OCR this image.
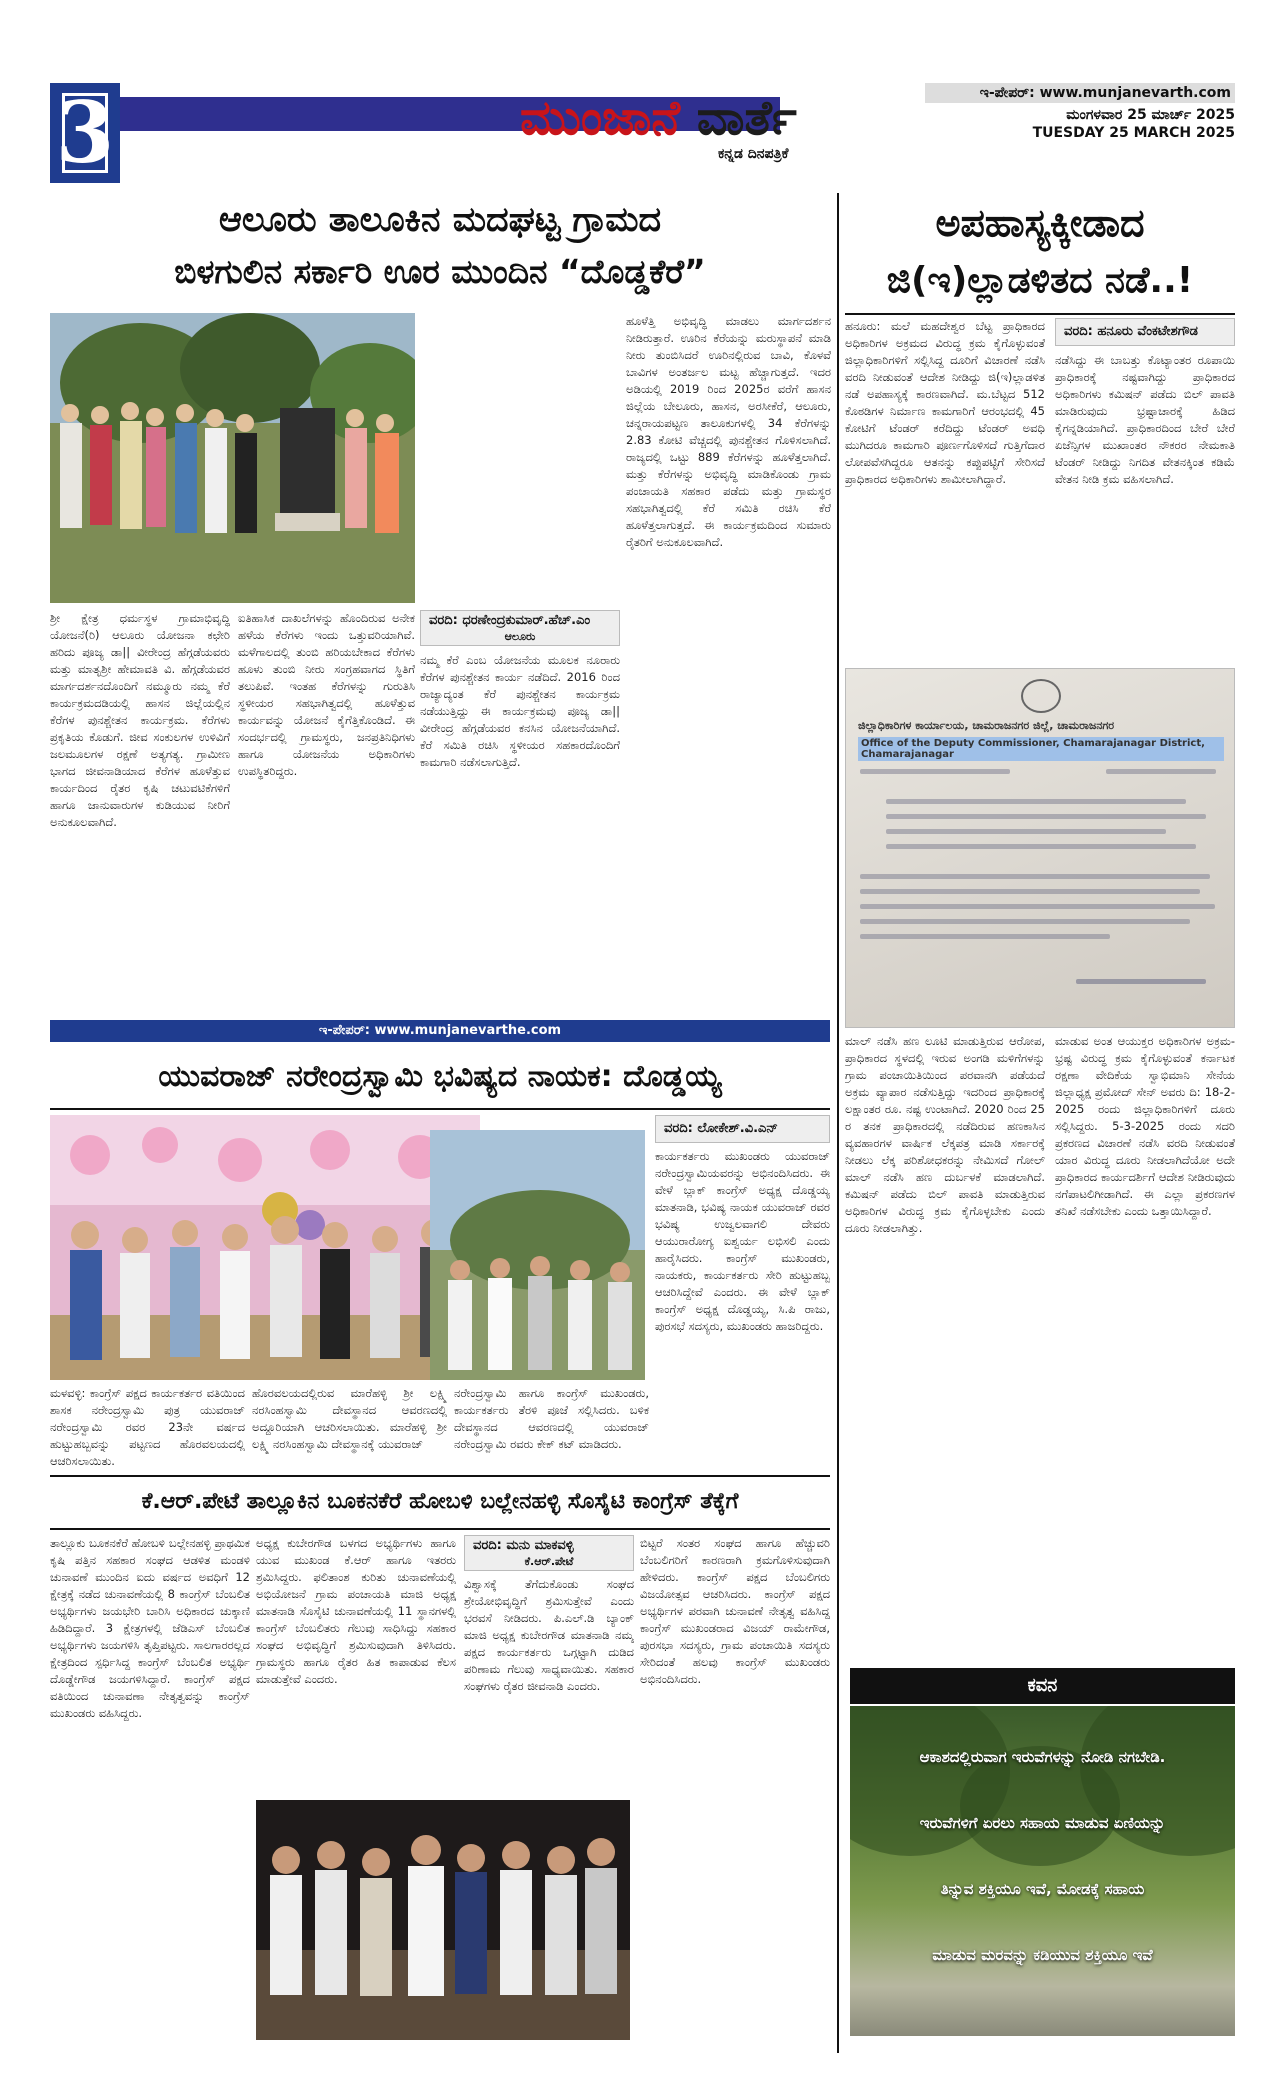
3	ಮುಂಜಾನೆ ವಾರ್ತೆ
ಕನ್ನಡ ದಿನಪತ್ರಿಕೆ
ಇ-ಪೇಪರ್: www.munjanevarth.com
ಮಂಗಳವಾರ 25 ಮಾರ್ಚ್ 2025
TUESDAY 25 MARCH 2025
ಆಲೂರು ತಾಲೂಕಿನ ಮದಘಟ್ಟ ಗ್ರಾಮದ
ಬಿಳಗುಲಿನ ಸರ್ಕಾರಿ ಊರ ಮುಂದಿನ “ದೊಡ್ಡಕೆರೆ”
ಶ್ರೀ ಕ್ಷೇತ್ರ ಧರ್ಮಸ್ಥಳ ಗ್ರಾಮಾಭಿವೃದ್ಧಿ ಯೋಜನೆ(ರಿ) ಆಲೂರು ಯೋಜನಾ ಕಛೇರಿ ಹರಿದು ಪೂಜ್ಯ ಡಾ|| ವೀರೇಂದ್ರ ಹೆಗ್ಗಡೆಯವರು ಮತ್ತು ಮಾತೃಶ್ರೀ ಹೇಮಾವತಿ ವಿ. ಹೆಗ್ಗಡೆಯವರ ಮಾರ್ಗದರ್ಶನದೊಂದಿಗೆ ನಮ್ಮೂರು ನಮ್ಮ ಕೆರೆ ಕಾರ್ಯಕ್ರಮದಡಿಯಲ್ಲಿ ಹಾಸನ ಜಿಲ್ಲೆಯಲ್ಲಿನ ಕೆರೆಗಳ ಪುನಶ್ಚೇತನ ಕಾರ್ಯಕ್ರಮ. ಕೆರೆಗಳು ಪ್ರಕೃತಿಯ ಕೊಡುಗೆ. ಜೀವ ಸಂಕುಲಗಳ ಉಳಿವಿಗೆ ಜಲಮೂಲಗಳ ರಕ್ಷಣೆ ಅತ್ಯಗತ್ಯ. ಗ್ರಾಮೀಣ ಭಾಗದ ಜೀವನಾಡಿಯಾದ ಕೆರೆಗಳ ಹೂಳೆತ್ತುವ ಕಾರ್ಯದಿಂದ ರೈತರ ಕೃಷಿ ಚಟುವಟಿಕೆಗಳಿಗೆ ಹಾಗೂ ಜಾನುವಾರುಗಳ ಕುಡಿಯುವ ನೀರಿಗೆ ಅನುಕೂಲವಾಗಿದೆ.
ಐತಿಹಾಸಿಕ ದಾಖಲೆಗಳನ್ನು ಹೊಂದಿರುವ ಅನೇಕ ಹಳೆಯ ಕೆರೆಗಳು ಇಂದು ಒತ್ತುವರಿಯಾಗಿವೆ. ಮಳೆಗಾಲದಲ್ಲಿ ತುಂಬಿ ಹರಿಯಬೇಕಾದ ಕೆರೆಗಳು ಹೂಳು ತುಂಬಿ ನೀರು ಸಂಗ್ರಹವಾಗದ ಸ್ಥಿತಿಗೆ ತಲುಪಿವೆ. ಇಂತಹ ಕೆರೆಗಳನ್ನು ಗುರುತಿಸಿ ಸ್ಥಳೀಯರ ಸಹಭಾಗಿತ್ವದಲ್ಲಿ ಹೂಳೆತ್ತುವ ಕಾರ್ಯವನ್ನು ಯೋಜನೆ ಕೈಗೆತ್ತಿಕೊಂಡಿದೆ. ಈ ಸಂದರ್ಭದಲ್ಲಿ ಗ್ರಾಮಸ್ಥರು, ಜನಪ್ರತಿನಿಧಿಗಳು ಹಾಗೂ ಯೋಜನೆಯ ಅಧಿಕಾರಿಗಳು ಉಪಸ್ಥಿತರಿದ್ದರು.
ವರದಿ: ಧರಣೇಂದ್ರಕುಮಾರ್.ಹೆಚ್.ಎಂ
ಆಲೂರು
ನಮ್ಮ ಕೆರೆ ಎಂಬ ಯೋಜನೆಯ ಮೂಲಕ ನೂರಾರು ಕೆರೆಗಳ ಪುನಶ್ಚೇತನ ಕಾರ್ಯ ನಡೆದಿದೆ. 2016 ರಿಂದ ರಾಜ್ಯಾದ್ಯಂತ ಕೆರೆ ಪುನಶ್ಚೇತನ ಕಾರ್ಯಕ್ರಮ ನಡೆಯುತ್ತಿದ್ದು ಈ ಕಾರ್ಯಕ್ರಮವು ಪೂಜ್ಯ ಡಾ|| ವೀರೇಂದ್ರ ಹೆಗ್ಗಡೆಯವರ ಕನಸಿನ ಯೋಜನೆಯಾಗಿದೆ. ಕೆರೆ ಸಮಿತಿ ರಚಿಸಿ ಸ್ಥಳೀಯರ ಸಹಕಾರದೊಂದಿಗೆ ಕಾಮಗಾರಿ ನಡೆಸಲಾಗುತ್ತಿದೆ.
ಹೂಳೆತ್ತಿ ಅಭಿವೃದ್ಧಿ ಮಾಡಲು ಮಾರ್ಗದರ್ಶನ ನೀಡಿರುತ್ತಾರೆ. ಊರಿನ ಕೆರೆಯನ್ನು ಮರುಸ್ಥಾಪನೆ ಮಾಡಿ ನೀರು ತುಂಬಿಸಿದರೆ ಊರಿನಲ್ಲಿರುವ ಬಾವಿ, ಕೊಳವೆ ಬಾವಿಗಳ ಅಂತರ್ಜಲ ಮಟ್ಟ ಹೆಚ್ಚಾಗುತ್ತದೆ. ಇದರ ಅಡಿಯಲ್ಲಿ 2019 ರಿಂದ 2025ರ ವರೆಗೆ ಹಾಸನ ಜಿಲ್ಲೆಯ ಬೇಲೂರು, ಹಾಸನ, ಅರಸೀಕೆರೆ, ಆಲೂರು, ಚನ್ನರಾಯಪಟ್ಟಣ ತಾಲೂಕುಗಳಲ್ಲಿ 34 ಕೆರೆಗಳನ್ನು 2.83 ಕೋಟಿ ವೆಚ್ಚದಲ್ಲಿ ಪುನಶ್ಚೇತನ ಗೊಳಿಸಲಾಗಿದೆ. ರಾಜ್ಯದಲ್ಲಿ ಒಟ್ಟು 889 ಕೆರೆಗಳನ್ನು ಹೂಳೆತ್ತಲಾಗಿದೆ. ಮತ್ತು ಕೆರೆಗಳನ್ನು ಅಭಿವೃದ್ಧಿ ಮಾಡಿಕೊಂಡು ಗ್ರಾಮ ಪಂಚಾಯತಿ ಸಹಕಾರ ಪಡೆದು ಮತ್ತು ಗ್ರಾಮಸ್ಥರ ಸಹಭಾಗಿತ್ವದಲ್ಲಿ ಕೆರೆ ಸಮಿತಿ ರಚಿಸಿ ಕೆರೆ ಹೂಳೆತ್ತಲಾಗುತ್ತದೆ. ಈ ಕಾರ್ಯಕ್ರಮದಿಂದ ಸುಮಾರು ರೈತರಿಗೆ ಅನುಕೂಲವಾಗಿದೆ.
ಇ-ಪೇಪರ್: www.munjanevarthe.com
ಯುವರಾಜ್ ನರೇಂದ್ರಸ್ವಾಮಿ ಭವಿಷ್ಯದ ನಾಯಕ: ದೊಡ್ಡಯ್ಯ
ವರದಿ: ಲೋಕೇಶ್.ವಿ.ಎನ್
ಕಾರ್ಯಕರ್ತರು ಮುಖಂಡರು ಯುವರಾಜ್ ನರೇಂದ್ರಸ್ವಾಮಿಯವರನ್ನು ಅಭಿನಂದಿಸಿದರು. ಈ ವೇಳೆ ಬ್ಲಾಕ್ ಕಾಂಗ್ರೆಸ್ ಅಧ್ಯಕ್ಷ ದೊಡ್ಡಯ್ಯ ಮಾತನಾಡಿ, ಭವಿಷ್ಯ ನಾಯಕ ಯುವರಾಜ್ ರವರ ಭವಿಷ್ಯ ಉಜ್ವಲವಾಗಲಿ ದೇವರು ಆಯುರಾರೋಗ್ಯ ಐಶ್ವರ್ಯ ಲಭಿಸಲಿ ಎಂದು ಹಾರೈಸಿದರು. ಕಾಂಗ್ರೆಸ್ ಮುಖಂಡರು, ನಾಯಕರು, ಕಾರ್ಯಕರ್ತರು ಸೇರಿ ಹುಟ್ಟುಹಬ್ಬ ಆಚರಿಸಿದ್ದೇವೆ ಎಂದರು. ಈ ವೇಳೆ ಬ್ಲಾಕ್ ಕಾಂಗ್ರೆಸ್ ಅಧ್ಯಕ್ಷ ದೊಡ್ಡಯ್ಯ, ಸಿ.ಪಿ ರಾಜು, ಪುರಸಭೆ ಸದಸ್ಯರು, ಮುಖಂಡರು ಹಾಜರಿದ್ದರು.
ಮಳವಳ್ಳಿ: ಕಾಂಗ್ರೆಸ್ ಪಕ್ಷದ ಕಾರ್ಯಕರ್ತರ ವತಿಯಿಂದ ಶಾಸಕ ನರೇಂದ್ರಸ್ವಾಮಿ ಪುತ್ರ ಯುವರಾಜ್ ನರೇಂದ್ರಸ್ವಾಮಿ ರವರ 23ನೇ ವರ್ಷದ ಹುಟ್ಟುಹಬ್ಬವನ್ನು ಪಟ್ಟಣದ ಹೊರವಲಯದಲ್ಲಿ ಆಚರಿಸಲಾಯಿತು.
ಹೊರವಲಯದಲ್ಲಿರುವ ಮಾರೆಹಳ್ಳಿ ಶ್ರೀ ಲಕ್ಷ್ಮಿ ನರಸಿಂಹಸ್ವಾಮಿ ದೇವಸ್ಥಾನದ ಆವರಣದಲ್ಲಿ ಅದ್ದೂರಿಯಾಗಿ ಆಚರಿಸಲಾಯಿತು. ಮಾರೆಹಳ್ಳಿ ಶ್ರೀ ಲಕ್ಷ್ಮಿ ನರಸಿಂಹಸ್ವಾಮಿ ದೇವಸ್ಥಾನಕ್ಕೆ ಯುವರಾಜ್
ನರೇಂದ್ರಸ್ವಾಮಿ ಹಾಗೂ ಕಾಂಗ್ರೆಸ್ ಮುಖಂಡರು, ಕಾರ್ಯಕರ್ತರು ತೆರಳಿ ಪೂಜೆ ಸಲ್ಲಿಸಿದರು. ಬಳಿಕ ದೇವಸ್ಥಾನದ ಆವರಣದಲ್ಲಿ ಯುವರಾಜ್ ನರೇಂದ್ರಸ್ವಾಮಿ ರವರು ಕೇಕ್ ಕಟ್ ಮಾಡಿದರು.
ಕೆ.ಆರ್.ಪೇಟೆ ತಾಲ್ಲೂಕಿನ ಬೂಕನಕೆರೆ ಹೋಬಳಿ ಬಲ್ಲೇನಹಳ್ಳಿ ಸೊಸೈಟಿ ಕಾಂಗ್ರೆಸ್ ತೆಕ್ಕೆಗೆ
ತಾಲ್ಲೂಕು ಬೂಕನಕೆರೆ ಹೋಬಳಿ ಬಲ್ಲೇನಹಳ್ಳಿ ಪ್ರಾಥಮಿಕ ಕೃಷಿ ಪತ್ತಿನ ಸಹಕಾರ ಸಂಘದ ಆಡಳಿತ ಮಂಡಳಿ ಚುನಾವಣೆ ಮುಂದಿನ ಐದು ವರ್ಷದ ಅವಧಿಗೆ 12 ಕ್ಷೇತ್ರಕ್ಕೆ ನಡೆದ ಚುನಾವಣೆಯಲ್ಲಿ 8 ಕಾಂಗ್ರೆಸ್ ಬೆಂಬಲಿತ ಅಭ್ಯರ್ಥಿಗಳು ಜಯಭೇರಿ ಬಾರಿಸಿ ಅಧಿಕಾರದ ಚುಕ್ಕಾಣಿ ಹಿಡಿದಿದ್ದಾರೆ. 3 ಕ್ಷೇತ್ರಗಳಲ್ಲಿ ಜೆಡಿಎಸ್ ಬೆಂಬಲಿತ ಅಭ್ಯರ್ಥಿಗಳು ಜಯಗಳಿಸಿ ತೃಪ್ತಿಪಟ್ಟರು. ಸಾಲಗಾರರಲ್ಲದ ಕ್ಷೇತ್ರದಿಂದ ಸ್ಪರ್ಧಿಸಿದ್ದ ಕಾಂಗ್ರೆಸ್ ಬೆಂಬಲಿತ ಅಭ್ಯರ್ಥಿ ದೊಡ್ಡೇಗೌಡ ಜಯಗಳಿಸಿದ್ದಾರೆ. ಕಾಂಗ್ರೆಸ್ ಪಕ್ಷದ ವತಿಯಿಂದ ಚುನಾವಣಾ ನೇತೃತ್ವವನ್ನು ಕಾಂಗ್ರೆಸ್ ಮುಖಂಡರು ವಹಿಸಿದ್ದರು.
ಅಧ್ಯಕ್ಷ ಕುಬೇರಗೌಡ ಬಳಗದ ಅಭ್ಯರ್ಥಿಗಳು ಹಾಗೂ ಯುವ ಮುಖಂಡ ಕೆ.ಆರ್ ಹಾಗೂ ಇತರರು ಶ್ರಮಿಸಿದ್ದರು. ಫಲಿತಾಂಶ ಕುರಿತು ಚುನಾವಣೆಯಲ್ಲಿ ಅಭಿಯೋಜನೆ ಗ್ರಾಮ ಪಂಚಾಯತಿ ಮಾಜಿ ಅಧ್ಯಕ್ಷ ಮಾತನಾಡಿ ಸೊಸೈಟಿ ಚುನಾವಣೆಯಲ್ಲಿ 11 ಸ್ಥಾನಗಳಲ್ಲಿ ಕಾಂಗ್ರೆಸ್ ಬೆಂಬಲಿತರು ಗೆಲುವು ಸಾಧಿಸಿದ್ದು ಸಹಕಾರ ಸಂಘದ ಅಭಿವೃದ್ಧಿಗೆ ಶ್ರಮಿಸುವುದಾಗಿ ತಿಳಿಸಿದರು. ಗ್ರಾಮಸ್ಥರು ಹಾಗೂ ರೈತರ ಹಿತ ಕಾಪಾಡುವ ಕೆಲಸ ಮಾಡುತ್ತೇವೆ ಎಂದರು.
ವರದಿ: ಮನು ಮಾಕವಳ್ಳಿ
ಕೆ.ಆರ್.ಪೇಟೆ
ವಿಶ್ವಾಸಕ್ಕೆ ತೆಗೆದುಕೊಂಡು ಸಂಘದ ಶ್ರೇಯೋಭಿವೃದ್ಧಿಗೆ ಶ್ರಮಿಸುತ್ತೇವೆ ಎಂದು ಭರವಸೆ ನೀಡಿದರು. ಪಿ.ಎಲ್.ಡಿ ಬ್ಯಾಂಕ್ ಮಾಜಿ ಅಧ್ಯಕ್ಷ ಕುಬೇರಗೌಡ ಮಾತನಾಡಿ ನಮ್ಮ ಪಕ್ಷದ ಕಾರ್ಯಕರ್ತರು ಒಗ್ಗಟ್ಟಾಗಿ ದುಡಿದ ಪರಿಣಾಮ ಗೆಲುವು ಸಾಧ್ಯವಾಯಿತು. ಸಹಕಾರ ಸಂಘಗಳು ರೈತರ ಜೀವನಾಡಿ ಎಂದರು.
ಬಿಟ್ಟರೆ ಸಂತರ ಸಂಘದ ಹಾಗೂ ಹೆಚ್ಚುವರಿ ಬೆಂಬಲಿಗರಿಗೆ ಕಾರಣರಾಗಿ ಕ್ರಮಗೊಳಿಸುವುದಾಗಿ ಹೇಳಿದರು. ಕಾಂಗ್ರೆಸ್ ಪಕ್ಷದ ಬೆಂಬಲಿಗರು ವಿಜಯೋತ್ಸವ ಆಚರಿಸಿದರು. ಕಾಂಗ್ರೆಸ್ ಪಕ್ಷದ ಅಭ್ಯರ್ಥಿಗಳ ಪರವಾಗಿ ಚುನಾವಣೆ ನೇತೃತ್ವ ವಹಿಸಿದ್ದ ಕಾಂಗ್ರೆಸ್ ಮುಖಂಡರಾದ ವಿಜಯ್ ರಾಮೇಗೌಡ, ಪುರಸಭಾ ಸದಸ್ಯರು, ಗ್ರಾಮ ಪಂಚಾಯಿತಿ ಸದಸ್ಯರು ಸೇರಿದಂತೆ ಹಲವು ಕಾಂಗ್ರೆಸ್ ಮುಖಂಡರು ಅಭಿನಂದಿಸಿದರು.
ಅಪಹಾಸ್ಯಕ್ಕೀಡಾದ
ಜಿ(ಇ)ಲ್ಲಾಡಳಿತದ ನಡೆ..!
ಹನೂರು: ಮಲೆ ಮಹದೇಶ್ವರ ಬೆಟ್ಟ ಪ್ರಾಧಿಕಾರದ ಅಧಿಕಾರಿಗಳ ಅಕ್ರಮದ ವಿರುದ್ಧ ಕ್ರಮ ಕೈಗೊಳ್ಳುವಂತೆ ಜಿಲ್ಲಾಧಿಕಾರಿಗಳಿಗೆ ಸಲ್ಲಿಸಿದ್ದ ದೂರಿಗೆ ವಿಚಾರಣೆ ನಡೆಸಿ ವರದಿ ನೀಡುವಂತೆ ಆದೇಶ ನೀಡಿದ್ದು ಜಿ(ಇ)ಲ್ಲಾಡಳಿತ ನಡೆ ಅಪಹಾಸ್ಯಕ್ಕೆ ಕಾರಣವಾಗಿದೆ. ಮ.ಬೆಟ್ಟದ 512 ಕೊಠಡಿಗಳ ನಿರ್ಮಾಣ ಕಾಮಗಾರಿಗೆ ಆರಂಭದಲ್ಲಿ 45 ಕೋಟಿಗೆ ಟೆಂಡರ್ ಕರೆದಿದ್ದು ಟೆಂಡರ್ ಅವಧಿ ಮುಗಿದರೂ ಕಾಮಗಾರಿ ಪೂರ್ಣಗೊಳಿಸದೆ ಗುತ್ತಿಗೆದಾರ ಲೋಪವೆಸಗಿದ್ದರೂ ಆತನನ್ನು ಕಪ್ಪುಪಟ್ಟಿಗೆ ಸೇರಿಸದೆ ಪ್ರಾಧಿಕಾರದ ಅಧಿಕಾರಿಗಳು ಶಾಮೀಲಾಗಿದ್ದಾರೆ.
ವರದಿ: ಹನೂರು ವೆಂಕಟೇಶಗೌಡ
ನಡೆಸಿದ್ದು ಈ ಬಾಬತ್ತು ಕೊಟ್ಯಾಂತರ ರೂಪಾಯಿ ಪ್ರಾಧಿಕಾರಕ್ಕೆ ನಷ್ಟವಾಗಿದ್ದು ಪ್ರಾಧಿಕಾರದ ಅಧಿಕಾರಿಗಳು ಕಮಿಷನ್ ಪಡೆದು ಬಿಲ್ ಪಾವತಿ ಮಾಡಿರುವುದು ಭ್ರಷ್ಟಾಚಾರಕ್ಕೆ ಹಿಡಿದ ಕೈಗನ್ನಡಿಯಾಗಿದೆ. ಪ್ರಾಧಿಕಾರದಿಂದ ಬೇರೆ ಬೇರೆ ಏಜೆನ್ಸಿಗಳ ಮುಖಾಂತರ ನೌಕರರ ನೇಮಕಾತಿ ಟೆಂಡರ್ ನೀಡಿದ್ದು ನಿಗದಿತ ವೇತನಕ್ಕಿಂತ ಕಡಿಮೆ ವೇತನ ನೀಡಿ ಕ್ರಮ ವಹಿಸಲಾಗಿದೆ.
ಜಿಲ್ಲಾಧಿಕಾರಿಗಳ ಕಾರ್ಯಾಲಯ, ಚಾಮರಾಜನಗರ ಜಿಲ್ಲೆ, ಚಾಮರಾಜನಗರ
Office of the Deputy Commissioner, Chamarajanagar District, Chamarajanagar
ಮಾಲ್ ನಡೆಸಿ ಹಣ ಲೂಟಿ ಮಾಡುತ್ತಿರುವ ಆರೋಪ, ಪ್ರಾಧಿಕಾರದ ಸ್ಥಳದಲ್ಲಿ ಇರುವ ಅಂಗಡಿ ಮಳಿಗೆಗಳನ್ನು ಗ್ರಾಮ ಪಂಚಾಯಿತಿಯಿಂದ ಪರವಾನಗಿ ಪಡೆಯದೆ ಅಕ್ರಮ ವ್ಯಾಪಾರ ನಡೆಸುತ್ತಿದ್ದು ಇದರಿಂದ ಪ್ರಾಧಿಕಾರಕ್ಕೆ ಲಕ್ಷಾಂತರ ರೂ. ನಷ್ಟ ಉಂಟಾಗಿದೆ. 2020 ರಿಂದ 25 ರ ತನಕ ಪ್ರಾಧಿಕಾರದಲ್ಲಿ ನಡೆದಿರುವ ಹಣಕಾಸಿನ ವ್ಯವಹಾರಗಳ ವಾರ್ಷಿಕ ಲೆಕ್ಕಪತ್ರ ಮಾಡಿ ಸರ್ಕಾರಕ್ಕೆ ನೀಡಲು ಲೆಕ್ಕ ಪರಿಶೋಧಕರನ್ನು ನೇಮಿಸದೆ ಗೋಲ್ ಮಾಲ್ ನಡೆಸಿ ಹಣ ದುರ್ಬಳಕೆ ಮಾಡಲಾಗಿದೆ. ಕಮಿಷನ್ ಪಡೆದು ಬಿಲ್ ಪಾವತಿ ಮಾಡುತ್ತಿರುವ ಅಧಿಕಾರಿಗಳ ವಿರುದ್ಧ ಕ್ರಮ ಕೈಗೊಳ್ಳಬೇಕು ಎಂದು ದೂರು ನೀಡಲಾಗಿತ್ತು.
ಮಾಡುವ ಅಂತ ಆಯುಕ್ತರ ಅಧಿಕಾರಿಗಳ ಅಕ್ರಮ-ಭ್ರಷ್ಟ ವಿರುದ್ಧ ಕ್ರಮ ಕೈಗೊಳ್ಳುವಂತೆ ಕರ್ನಾಟಕ ರಕ್ಷಣಾ ವೇದಿಕೆಯ ಸ್ವಾಭಿಮಾನಿ ಸೇನೆಯ ಜಿಲ್ಲಾಧ್ಯಕ್ಷ ಪ್ರಮೋದ್ ಸೇನ್ ಅವರು ದಿ: 18-2-2025 ರಂದು ಜಿಲ್ಲಾಧಿಕಾರಿಗಳಿಗೆ ದೂರು ಸಲ್ಲಿಸಿದ್ದರು. 5-3-2025 ರಂದು ಸದರಿ ಪ್ರಕರಣದ ವಿಚಾರಣೆ ನಡೆಸಿ ವರದಿ ನೀಡುವಂತೆ ಯಾರ ವಿರುದ್ಧ ದೂರು ನೀಡಲಾಗಿದೆಯೋ ಅದೇ ಪ್ರಾಧಿಕಾರದ ಕಾರ್ಯದರ್ಶಿಗೆ ಆದೇಶ ನೀಡಿರುವುದು ನಗೆಪಾಟಲಿಗೀಡಾಗಿದೆ. ಈ ಎಲ್ಲಾ ಪ್ರಕರಣಗಳ ತನಿಖೆ ನಡೆಸಬೇಕು ಎಂದು ಒತ್ತಾಯಿಸಿದ್ದಾರೆ.
ಕವನ
ಆಕಾಶದಲ್ಲಿರುವಾಗ ಇರುವೆಗಳನ್ನು ನೋಡಿ ನಗಬೇಡಿ.
ಇರುವೆಗಳಿಗೆ ಏರಲು ಸಹಾಯ ಮಾಡುವ ಏಣಿಯನ್ನು
ತಿನ್ನುವ ಶಕ್ತಿಯೂ ಇವೆ, ಮೋಡಕ್ಕೆ ಸಹಾಯ
ಮಾಡುವ ಮರವನ್ನು ಕಡಿಯುವ ಶಕ್ತಿಯೂ ಇವೆ
